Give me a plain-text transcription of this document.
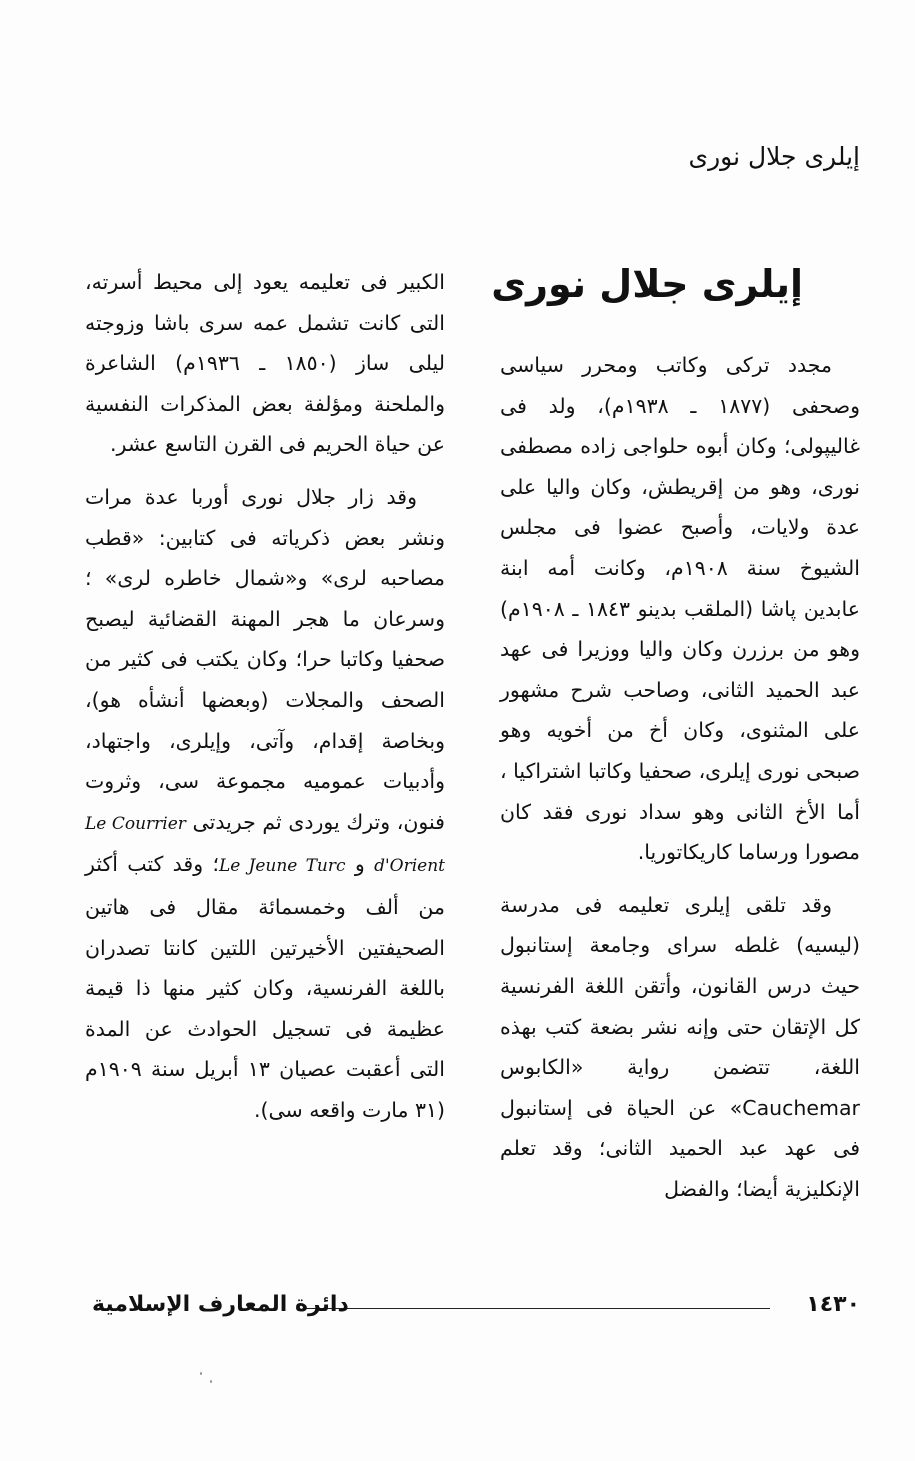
إيلرى جلال نورى
إيلرى جلال نورى

مجدد تركى وكاتب ومحرر سياسى وصحفى (١٨٧٧ ـ ١٩٣٨م)، ولد فى غاليپولى؛ وكان أبوه حلواجى زاده مصطفى نورى، وهو من إقريطش، وكان واليا على عدة ولايات، وأصبح عضوا فى مجلس الشيوخ سنة ١٩٠٨م، وكانت أمه ابنة عابدين پاشا (الملقب بدينو ١٨٤٣ ـ ١٩٠٨م) وهو من برزرن وكان واليا ووزيرا فى عهد عبد الحميد الثانى، وصاحب شرح مشهور على المثنوى، وكان أخ من أخويه وهو صبحى نورى إيلرى، صحفيا وكاتبا اشتراكيا ، أما الأخ الثانى وهو سداد نورى فقد كان مصورا ورساما كاريكاتوريا.

وقد تلقى إيلرى تعليمه فى مدرسة (ليسيه) غلطه سراى وجامعة إستانبول حيث درس القانون، وأتقن اللغة الفرنسية كل الإتقان حتى وإنه نشر بضعة كتب بهذه اللغة، تتضمن رواية «الكابوس Cauchemar» عن الحياة فى إستانبول فى عهد عبد الحميد الثانى؛ وقد تعلم الإنكليزية أيضا؛ والفضل

الكبير فى تعليمه يعود إلى محيط أسرته، التى كانت تشمل عمه سرى باشا وزوجته ليلى ساز (١٨٥٠ ـ ١٩٣٦م) الشاعرة والملحنة ومؤلفة بعض المذكرات النفسية عن حياة الحريم فى القرن التاسع عشر.

وقد زار جلال نورى أوربا عدة مرات ونشر بعض ذكرياته فى كتابين: «قطب مصاحبه لرى» و«شمال خاطره لرى» ؛ وسرعان ما هجر المهنة القضائية ليصبح صحفيا وكاتبا حرا؛ وكان يكتب فى كثير من الصحف والمجلات (وبعضها أنشأه هو)، وبخاصة إقدام، وآتى، وإيلرى، واجتهاد، وأدبيات عموميه مجموعة سى، وثروت فنون، وترك يوردى ثم جريدتى Le Courrier d'Orient و Le Jeune Turc؛ وقد كتب أكثر من ألف وخمسمائة مقال فى هاتين الصحيفتين الأخيرتين اللتين كانتا تصدران باللغة الفرنسية، وكان كثير منها ذا قيمة عظيمة فى تسجيل الحوادث عن المدة التى أعقبت عصيان ١٣ أبريل سنة ١٩٠٩م (٣١ مارت واقعه سى).

١٤٣٠
دائرة المعارف الإسلامية
